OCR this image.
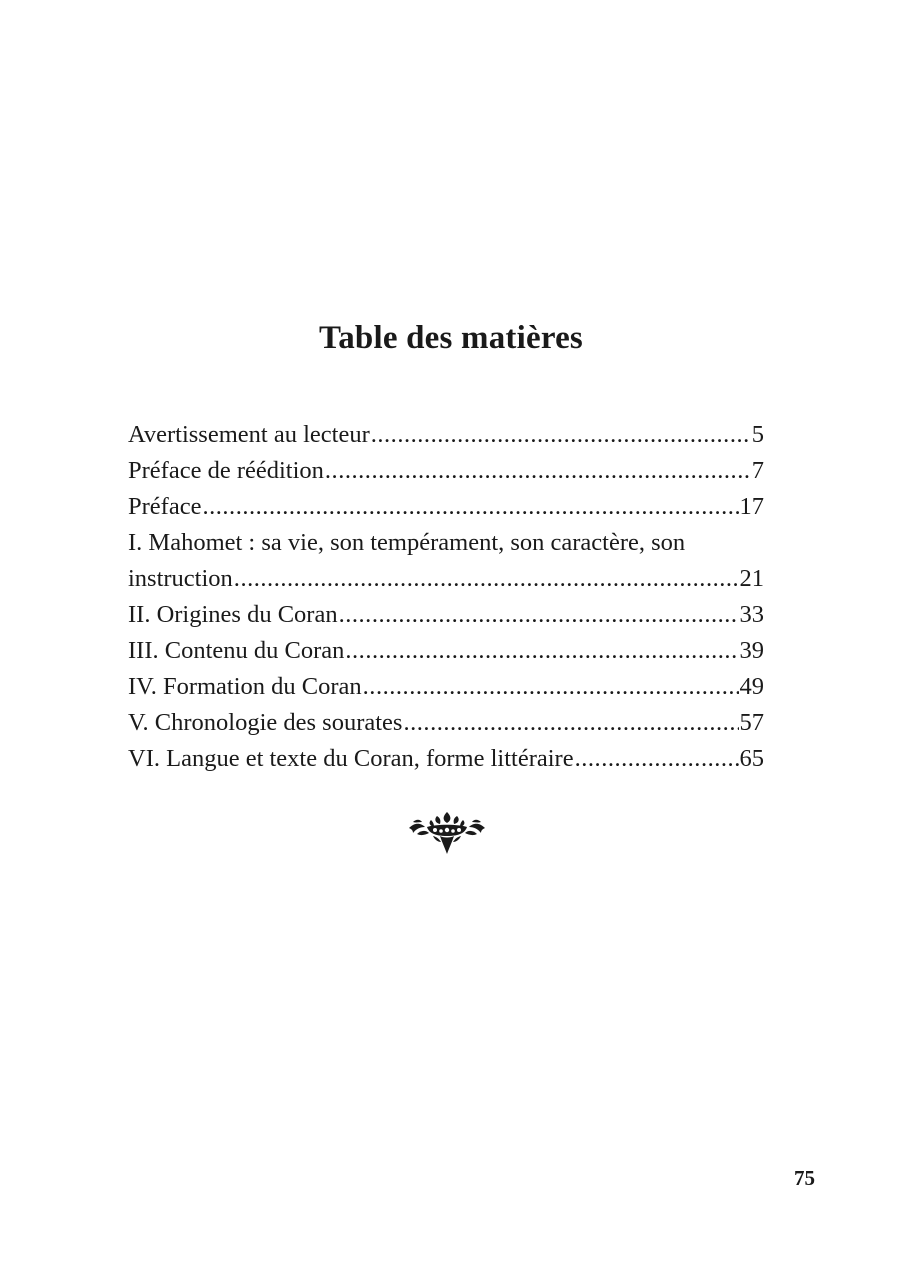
Table des matières
Avertissement au lecteur . . .	5
Préface de réédition . . .	7
Préface . . .	17
I. Mahomet : sa vie, son tempérament, son caractère, son
instruction . . .	21
II. Origines du Coran . . .	33
III. Contenu du Coran . . .	39
IV. Formation du Coran . . .	49
V. Chronologie des sourates . . .	57
VI. Langue et texte du Coran, forme littéraire . . .	65
75
